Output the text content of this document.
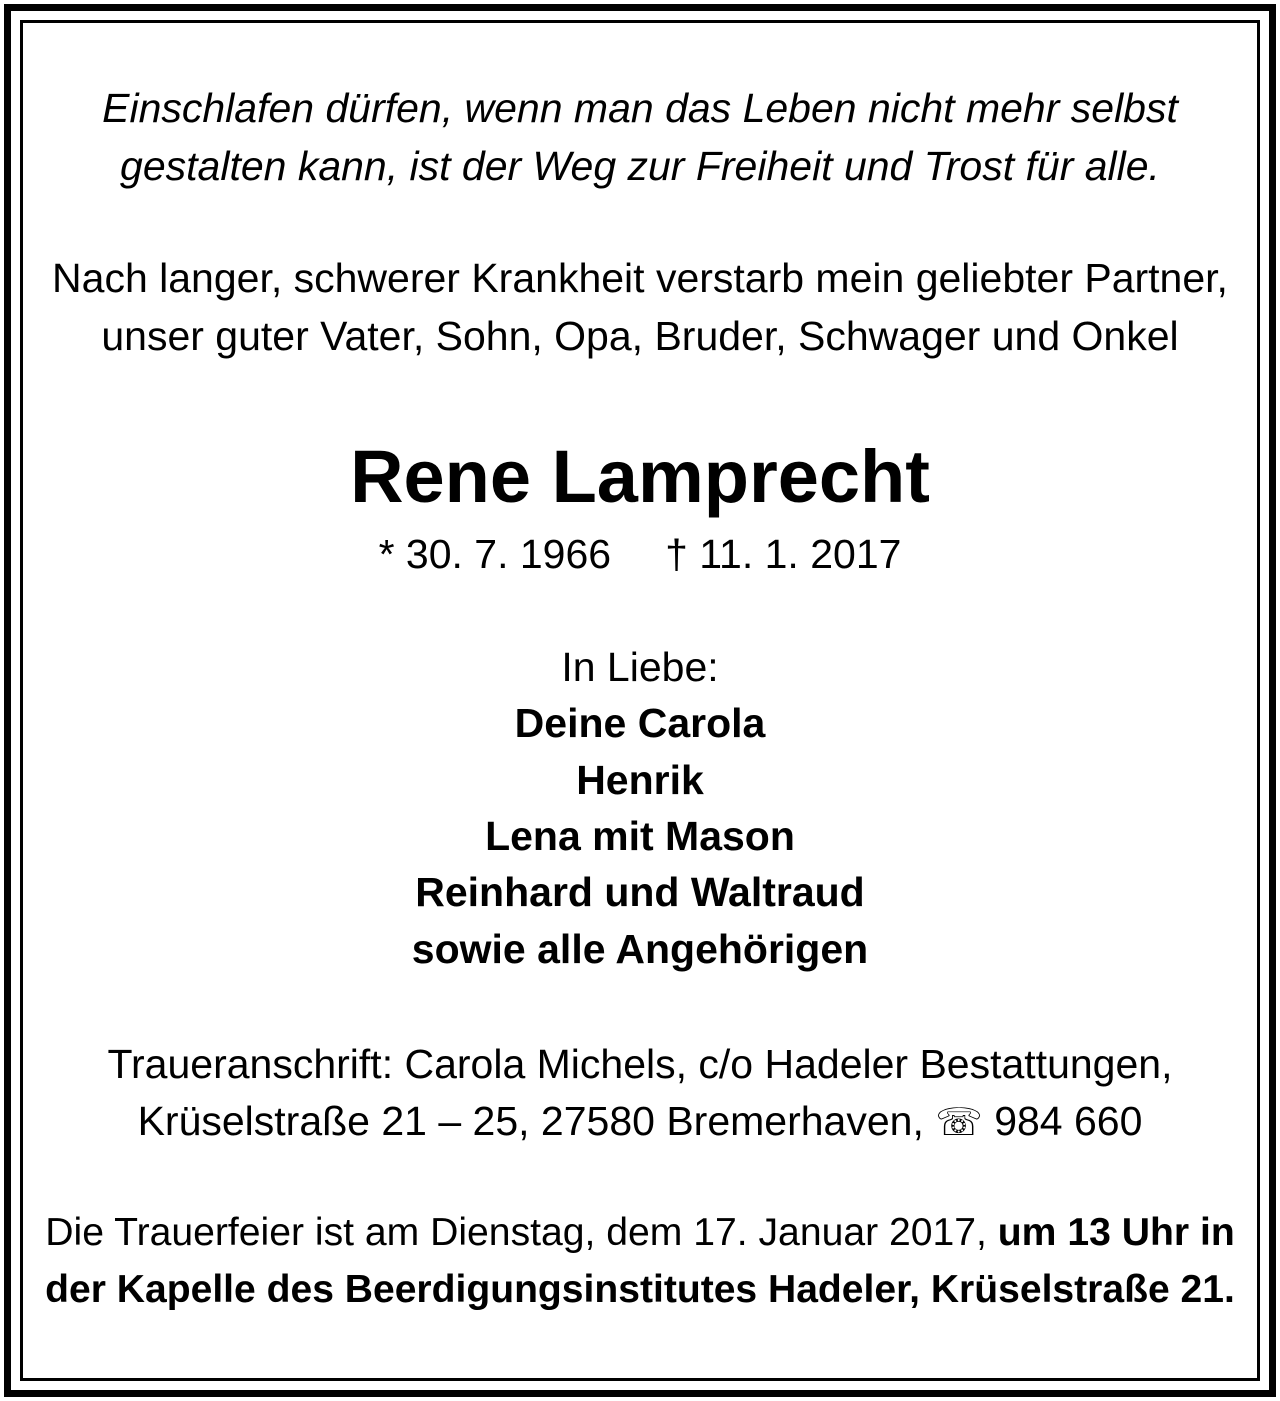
Einschlafen dürfen, wenn man das Leben nicht mehr selbst
gestalten kann, ist der Weg zur Freiheit und Trost für alle.
Nach langer, schwerer Krankheit verstarb mein geliebter Partner,
unser guter Vater, Sohn, Opa, Bruder, Schwager und Onkel
Rene Lamprecht
* 30. 7. 1966 † 11. 1. 2017
In Liebe:
Deine Carola
Henrik
Lena mit Mason
Reinhard und Waltraud
sowie alle Angehörigen
Traueranschrift: Carola Michels, c/o Hadeler Bestattungen,
Krüselstraße 21 – 25, 27580 Bremerhaven, ☏ 984 660
Die Trauerfeier ist am Dienstag, dem 17. Januar 2017, um 13 Uhr in
der Kapelle des Beerdigungsinstitutes Hadeler, Krüselstraße 21.
